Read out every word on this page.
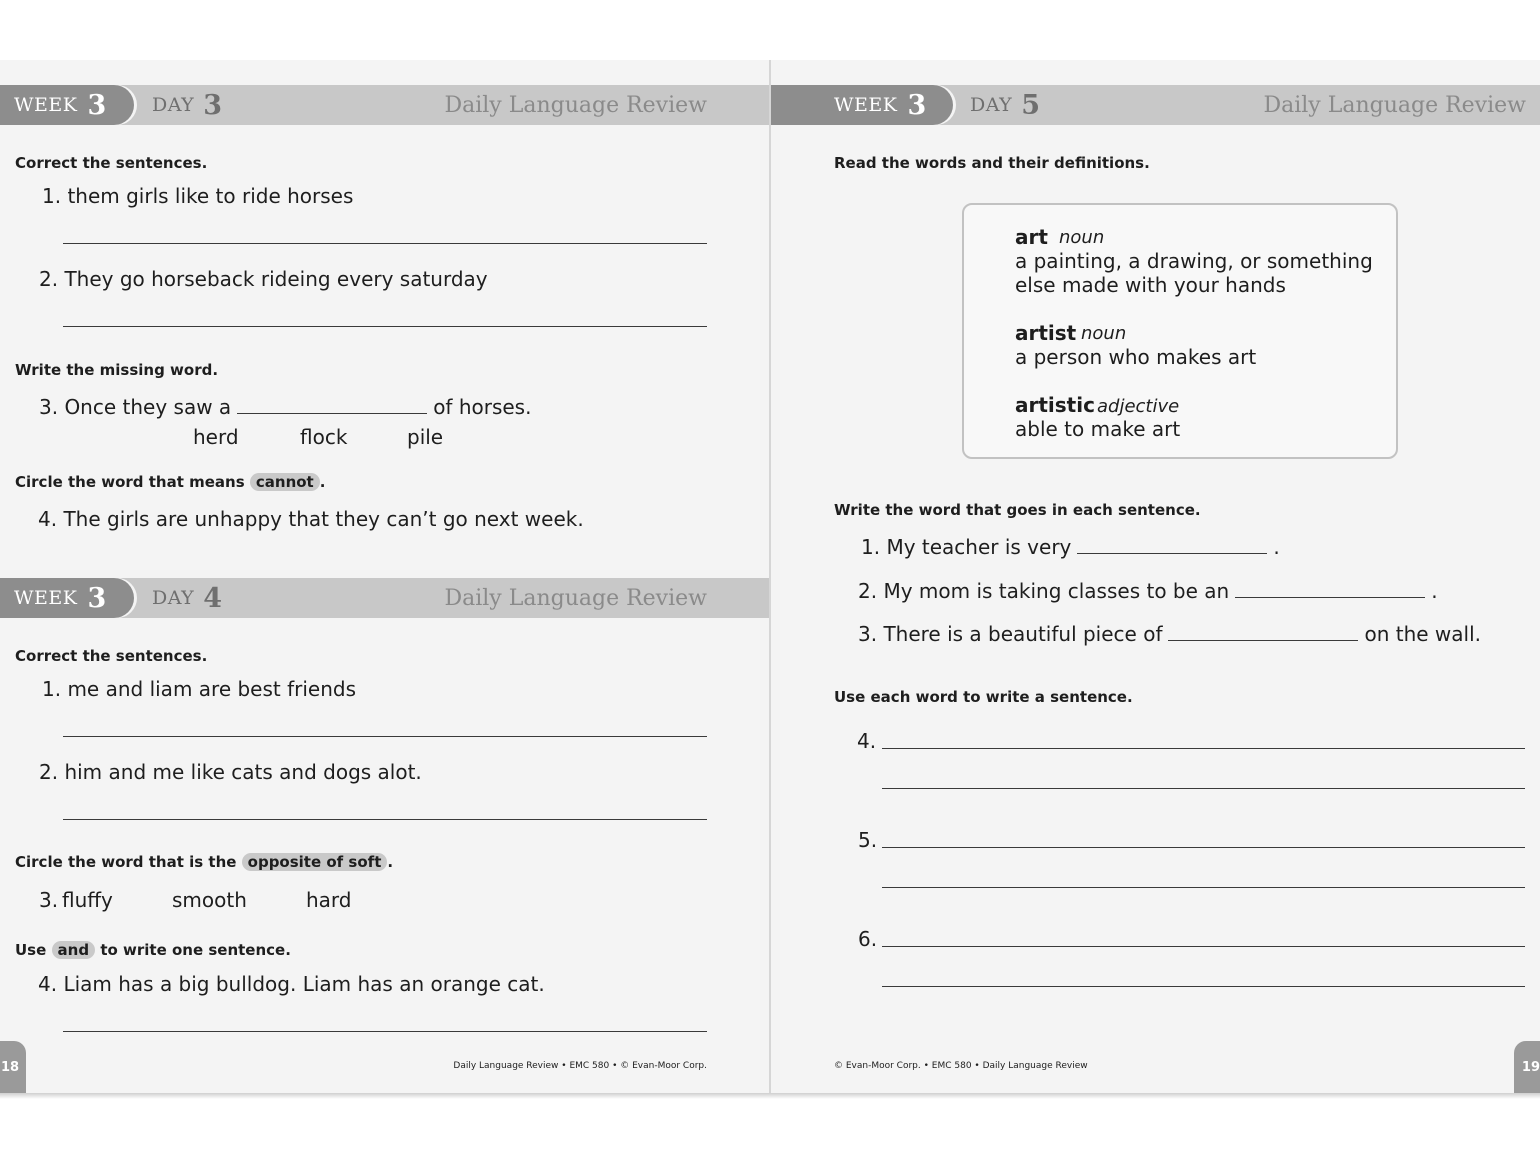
WEEK 3 DAY 3	Daily Language Review
Correct the sentences.
1. them girls like to ride horses
2. They go horseback rideing every saturday
Write the missing word.
3. Once they saw a	of horses.
herd	flock	pile
Circle the word that means cannot .
4. The girls are unhappy that they can’t go next week.
WEEK 3 DAY 4	Daily Language Review
Correct the sentences.
1. me and liam are best friends
2. him and me like cats and dogs alot.
Circle the word that is the opposite of soft .
3. fluffy	smooth	hard
Use and to write one sentence.
4. Liam has a big bulldog. Liam has an orange cat.
Daily Language Review • EMC 580 • © Evan-Moor Corp.
18
WEEK 3 DAY 5	Daily Language Review
Read the words and their definitions.
art noun
a painting, a drawing, or something
else made with your hands
artist noun
a person who makes art
artistic adjective
able to make art
Write the word that goes in each sentence.
1. My teacher is very	.
2. My mom is taking classes to be an	.
3. There is a beautiful piece of	on the wall.
Use each word to write a sentence.
4.
5.
6.
© Evan-Moor Corp. • EMC 580 • Daily Language Review	19
